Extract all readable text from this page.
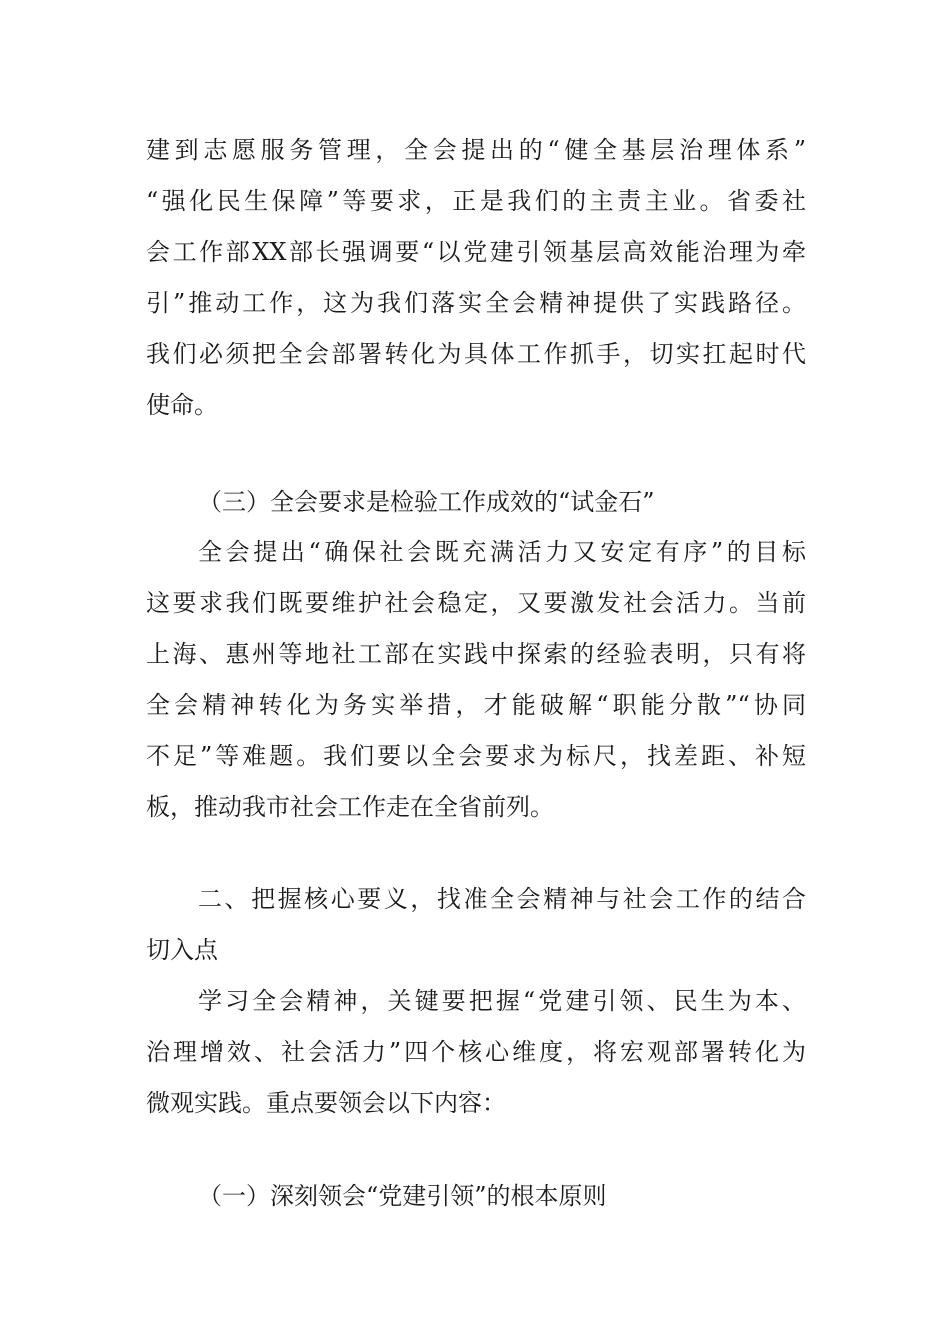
建到志愿服务管理，全会提出的“健全基层治理体系”
“强化民生保障”等要求，正是我们的主责主业。省委社
会工作部XX部长强调要“以党建引领基层高效能治理为牵
引”推动工作，这为我们落实全会精神提供了实践路径。
我们必须把全会部署转化为具体工作抓手，切实扛起时代
使命。
（三）全会要求是检验工作成效的“试金石”
全会提出“确保社会既充满活力又安定有序”的目标
这要求我们既要维护社会稳定，又要激发社会活力。当前
上海、惠州等地社工部在实践中探索的经验表明，只有将
全会精神转化为务实举措，才能破解“职能分散”“协同
不足”等难题。我们要以全会要求为标尺，找差距、补短
板，推动我市社会工作走在全省前列。
二、把握核心要义，找准全会精神与社会工作的结合
切入点
学习全会精神，关键要把握“党建引领、民生为本、
治理增效、社会活力”四个核心维度，将宏观部署转化为
微观实践。重点要领会以下内容：
（一）深刻领会“党建引领”的根本原则
